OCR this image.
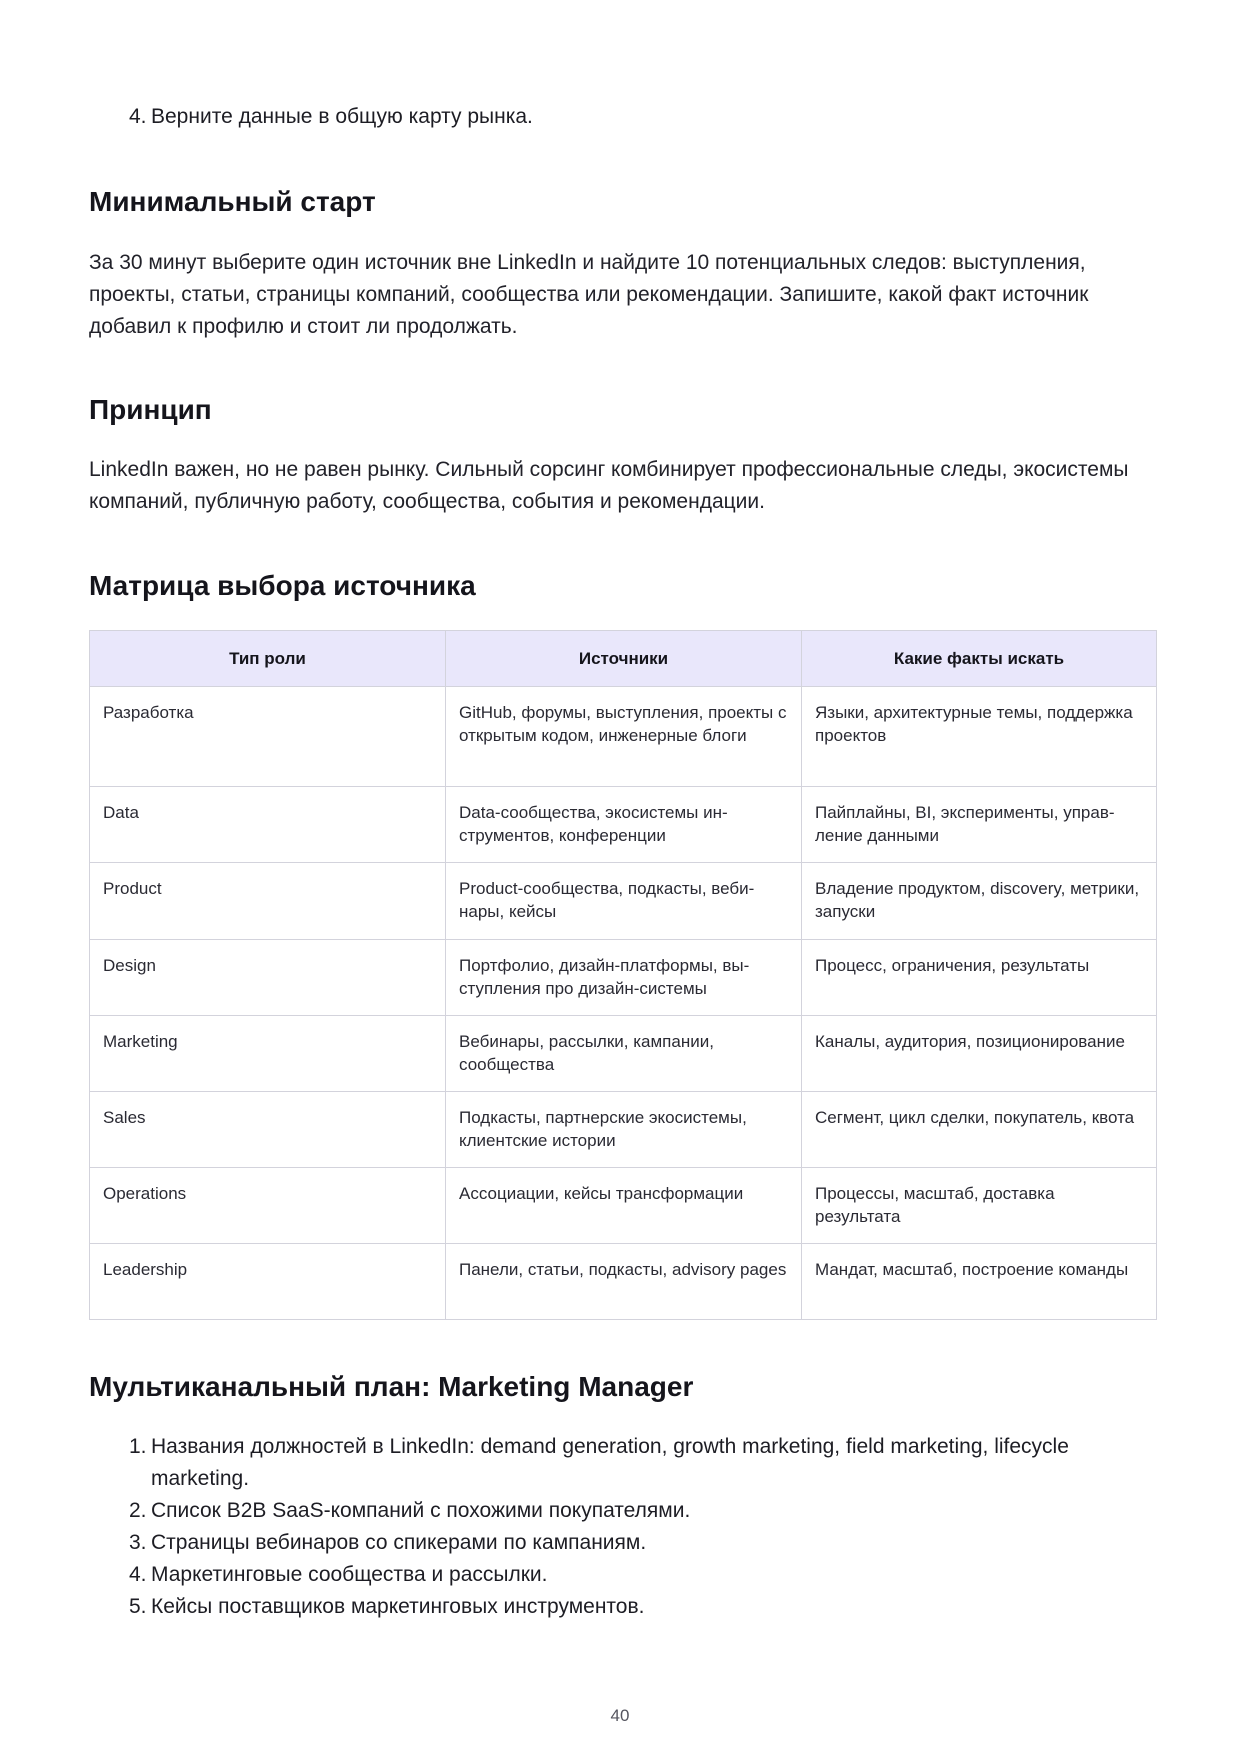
4. Верните данные в общую карту рынка.
Минимальный старт

За 30 минут выберите один источник вне LinkedIn и найдите 10 потенциальных следов: выступления, проекты, статьи, страницы компаний, сообщества или рекомендации. Запишите, какой факт источник добавил к профилю и стоит ли продолжать.

Принцип

LinkedIn важен, но не равен рынку. Сильный сорсинг комбинирует профессиональные следы, экосистемы компаний, публичную работу, сообщества, события и рекомендации.

Матрица выбора источника
Тип роли	Источники	Какие факты искать
Разработка	GitHub, форумы, выступления, проекты с открытым кодом, инженерные блоги	Языки, архитектурные темы, поддержка проектов
Data	Data-сообщества, экосистемы инструментов, конференции	Пайплайны, BI, эксперименты, управление данными
Product	Product-сообщества, подкасты, вебинары, кейсы	Владение продуктом, discovery, метрики, запуски
Design	Портфолио, дизайн-платформы, выступления про дизайн-системы	Процесс, ограничения, результаты
Marketing	Вебинары, рассылки, кампании, сообщества	Каналы, аудитория, позиционирование
Sales	Подкасты, партнерские экосистемы, клиентские истории	Сегмент, цикл сделки, покупатель, квота
Operations	Ассоциации, кейсы трансформации	Процессы, масштаб, доставка результата
Leadership	Панели, статьи, подкасты, advisory pages	Мандат, масштаб, построение команды
Мультиканальный план: Marketing Manager
1. Названия должностей в LinkedIn: demand generation, growth marketing, field marketing, lifecycle marketing.
2. Список B2B SaaS-компаний с похожими покупателями.
3. Страницы вебинаров со спикерами по кампаниям.
4. Маркетинговые сообщества и рассылки.
5. Кейсы поставщиков маркетинговых инструментов.
40
